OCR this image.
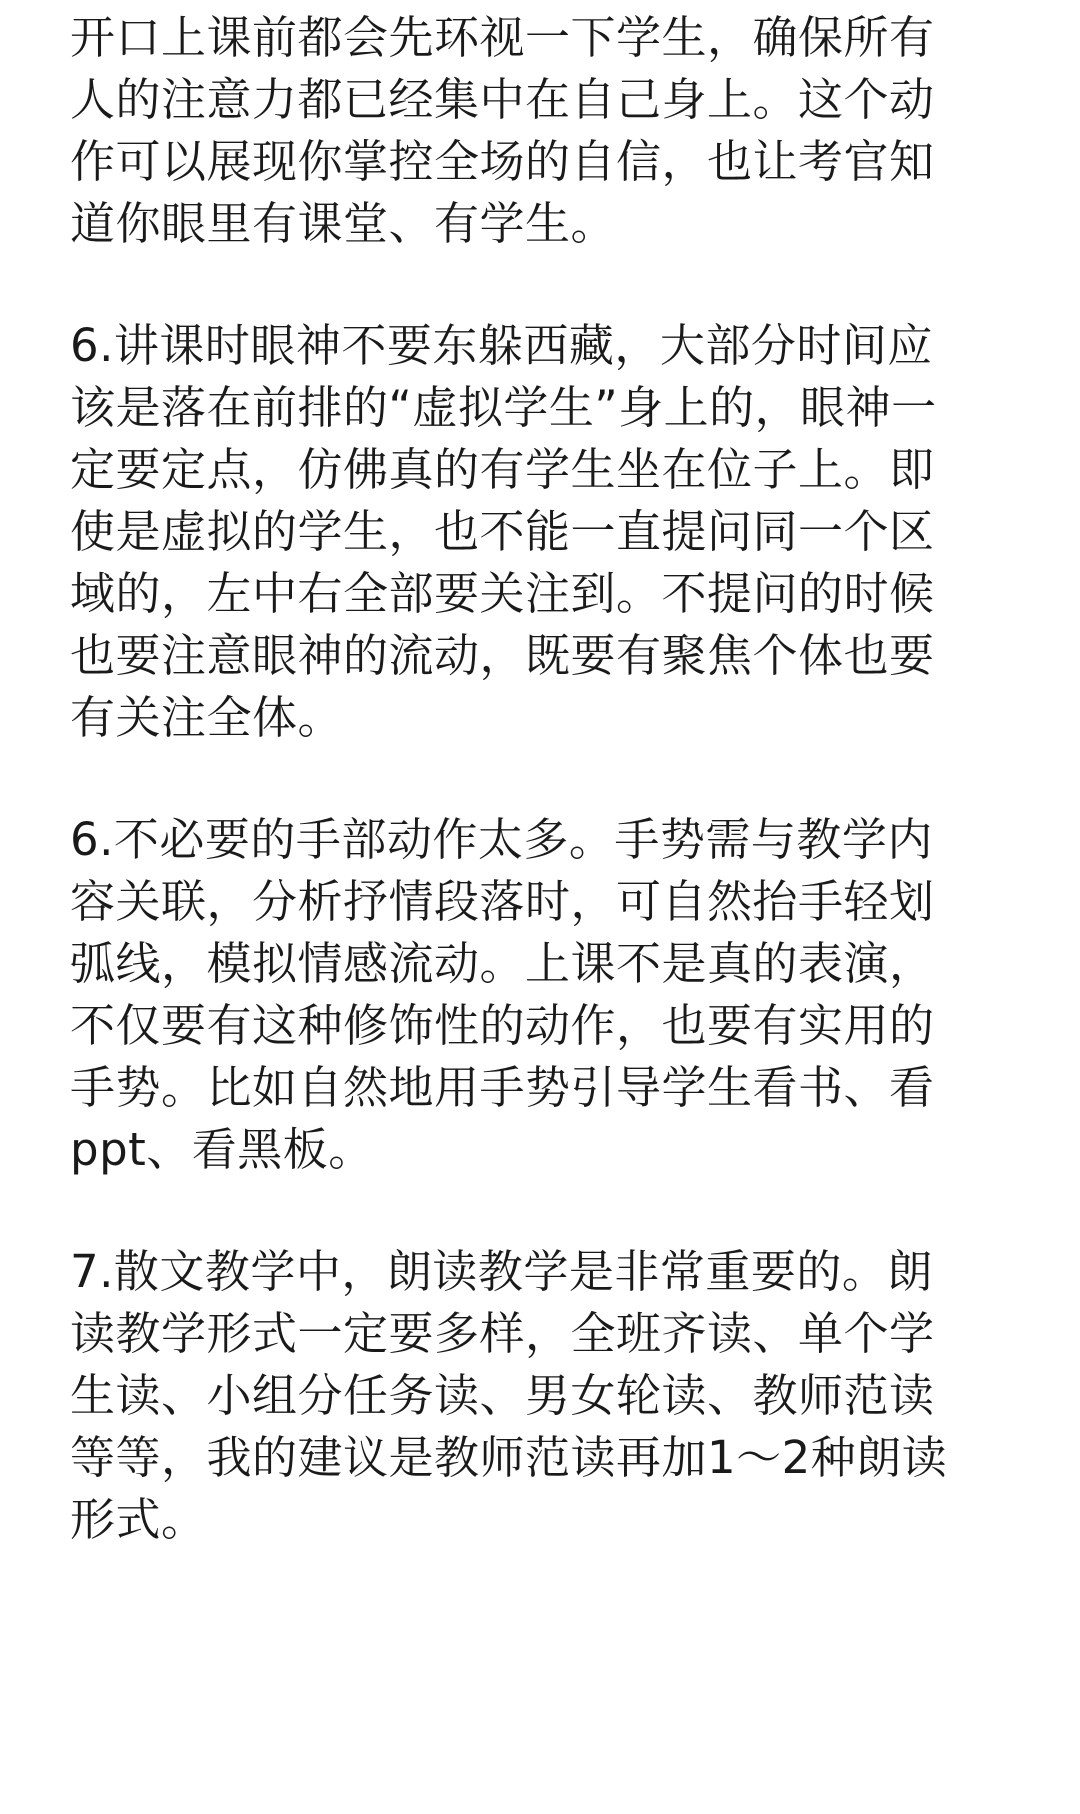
开口上课前都会先环视一下学生，确保所有
人的注意力都已经集中在自己身上。这个动
作可以展现你掌控全场的自信，也让考官知
道你眼里有课堂、有学生。
6.讲课时眼神不要东躲西藏，大部分时间应
该是落在前排的“虚拟学生”身上的，眼神一
定要定点，仿佛真的有学生坐在位子上。即
使是虚拟的学生，也不能一直提问同一个区
域的，左中右全部要关注到。不提问的时候
也要注意眼神的流动，既要有聚焦个体也要
有关注全体。
6.不必要的手部动作太多。手势需与教学内
容关联，分析抒情段落时，可自然抬手轻划
弧线，模拟情感流动。上课不是真的表演，
不仅要有这种修饰性的动作，也要有实用的
手势。比如自然地用手势引导学生看书、看
ppt、看黑板。
7.散文教学中，朗读教学是非常重要的。朗
读教学形式一定要多样，全班齐读、单个学
生读、小组分任务读、男女轮读、教师范读
等等，我的建议是教师范读再加1～2种朗读
形式。
